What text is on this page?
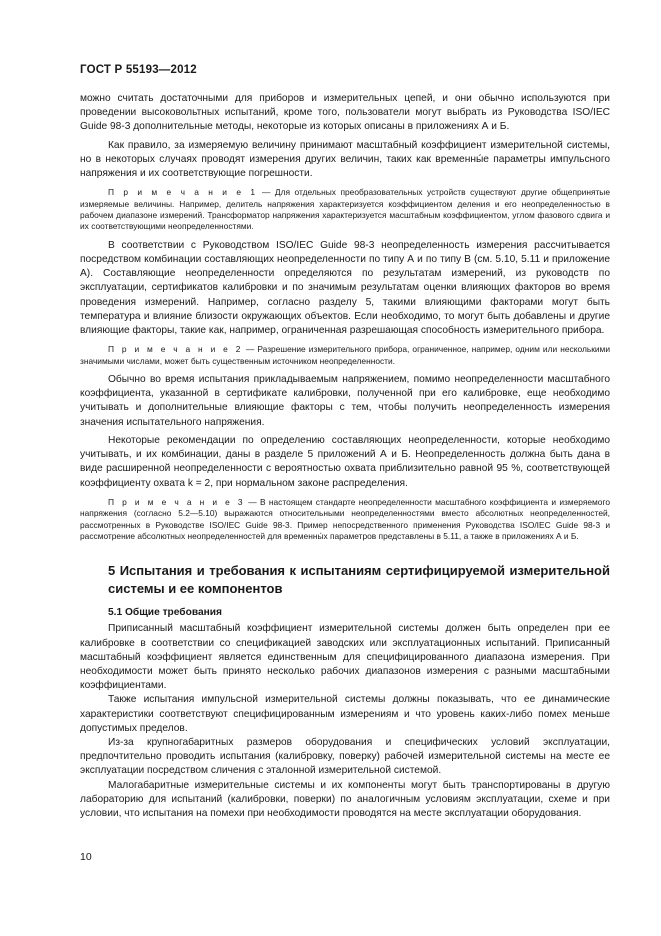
ГОСТ Р 55193—2012

можно считать достаточными для приборов и измерительных цепей, и они обычно используются при проведении высоковольтных испытаний, кроме того, пользователи могут выбрать из Руководства ISO/IEC Guide 98-3 дополнительные методы, некоторые из которых описаны в приложениях А и Б.

Как правило, за измеряемую величину принимают масштабный коэффициент измерительной системы, но в некоторых случаях проводят измерения других величин, таких как временны́е параметры импульсного напряжения и их соответствующие погрешности.

П р и м е ч а н и е 1 — Для отдельных преобразовательных устройств существуют другие общепринятые измеряемые величины. Например, делитель напряжения характеризуется коэффициентом деления и его неопределенностью в рабочем диапазоне измерений. Трансформатор напряжения характеризуется масштабным коэффициентом, углом фазового сдвига и их соответствующими неопределенностями.

В соответствии с Руководством ISO/IEC Guide 98-3 неопределенность измерения рассчитывается посредством комбинации составляющих неопределенности по типу А и по типу В (см. 5.10, 5.11 и приложение А). Составляющие неопределенности определяются по результатам измерений, из руководств по эксплуатации, сертификатов калибровки и по значимым результатам оценки влияющих факторов во время проведения измерений. Например, согласно разделу 5, такими влияющими факторами могут быть температура и влияние близости окружающих объектов. Если необходимо, то могут быть добавлены и другие влияющие факторы, такие как, например, ограниченная разрешающая способность измерительного прибора.

П р и м е ч а н и е 2 — Разрешение измерительного прибора, ограниченное, например, одним или несколькими значимыми числами, может быть существенным источником неопределенности.

Обычно во время испытания прикладываемым напряжением, помимо неопределенности масштабного коэффициента, указанной в сертификате калибровки, полученной при его калибровке, еще необходимо учитывать и дополнительные влияющие факторы с тем, чтобы получить неопределенность измерения значения испытательного напряжения.

Некоторые рекомендации по определению составляющих неопределенности, которые необходимо учитывать, и их комбинации, даны в разделе 5 приложений А и Б. Неопределенность должна быть дана в виде расширенной неопределенности с вероятностью охвата приблизительно равной 95 %, соответствующей коэффициенту охвата k = 2, при нормальном законе распределения.

П р и м е ч а н и е 3 — В настоящем стандарте неопределенности масштабного коэффициента и измеряемого напряжения (согласно 5.2—5.10) выражаются относительными неопределенностями вместо абсолютных неопределенностей, рассмотренных в Руководстве ISO/IEC Guide 98-3. Пример непосредственного применения Руководства ISO/IEC Guide 98-3 и рассмотрение абсолютных неопределенностей для временны́х параметров представлены в 5.11, а также в приложениях А и Б.

5 Испытания и требования к испытаниям сертифицируемой измерительной системы и ее компонентов

5.1 Общие требования

Приписанный масштабный коэффициент измерительной системы должен быть определен при ее калибровке в соответствии со спецификацией заводских или эксплуатационных испытаний. Приписанный масштабный коэффициент является единственным для специфицированного диапазона измерения. При необходимости может быть принято несколько рабочих диапазонов измерения с разными масштабными коэффициентами.

Также испытания импульсной измерительной системы должны показывать, что ее динамические характеристики соответствуют специфицированным измерениям и что уровень каких-либо помех меньше допустимых пределов.

Из-за крупногабаритных размеров оборудования и специфических условий эксплуатации, предпочтительно проводить испытания (калибровку, поверку) рабочей измерительной системы на месте ее эксплуатации посредством сличения с эталонной измерительной системой.

Малогабаритные измерительные системы и их компоненты могут быть транспортированы в другую лабораторию для испытаний (калибровки, поверки) по аналогичным условиям эксплуатации, схеме и при условии, что испытания на помехи при необходимости проводятся на месте эксплуатации оборудования.

10
